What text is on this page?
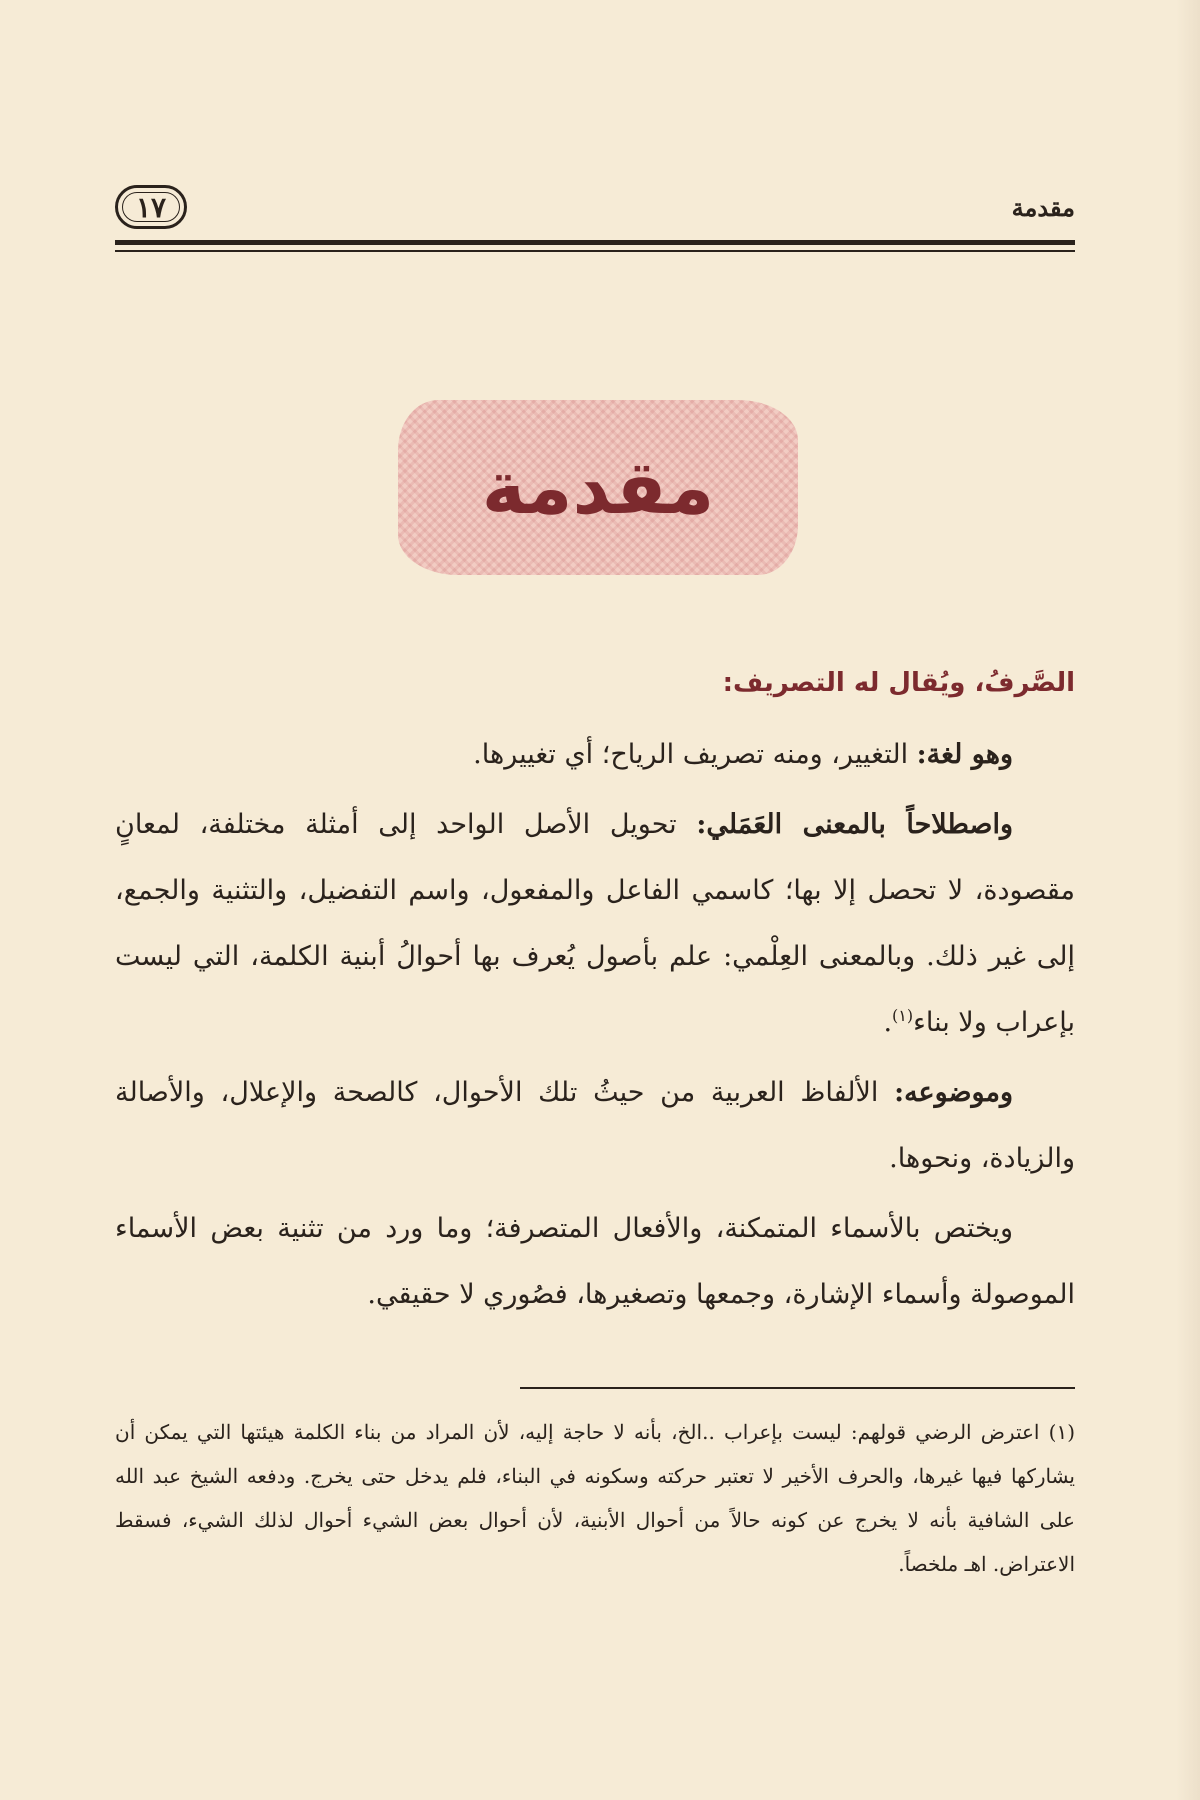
مقدمة
١٧
مقدمة

الصَّرفُ، ويُقال له التصريف:

وهو لغة: التغيير، ومنه تصريف الرياح؛ أي تغييرها.

واصطلاحاً بالمعنى العَمَلي: تحويل الأصل الواحد إلى أمثلة مختلفة، لمعانٍ مقصودة، لا تحصل إلا بها؛ كاسمي الفاعل والمفعول، واسم التفضيل، والتثنية والجمع، إلى غير ذلك. وبالمعنى العِلْمي: علم بأصول يُعرف بها أحوالُ أبنية الكلمة، التي ليست بإعراب ولا بناء$^{(١)}$.

وموضوعه: الألفاظ العربية من حيثُ تلك الأحوال، كالصحة والإعلال، والأصالة والزيادة، ونحوها.

ويختص بالأسماء المتمكنة، والأفعال المتصرفة؛ وما ورد من تثنية بعض الأسماء الموصولة وأسماء الإشارة، وجمعها وتصغيرها، فصُوري لا حقيقي.

(١) اعترض الرضي قولهم: ليست بإعراب ..الخ، بأنه لا حاجة إليه، لأن المراد من بناء الكلمة هيئتها التي يمكن أن يشاركها فيها غيرها، والحرف الأخير لا تعتبر حركته وسكونه في البناء، فلم يدخل حتى يخرج. ودفعه الشيخ عبد الله على الشافية بأنه لا يخرج عن كونه حالاً من أحوال الأبنية، لأن أحوال بعض الشيء أحوال لذلك الشيء، فسقط الاعتراض. اهـ ملخصاً.
